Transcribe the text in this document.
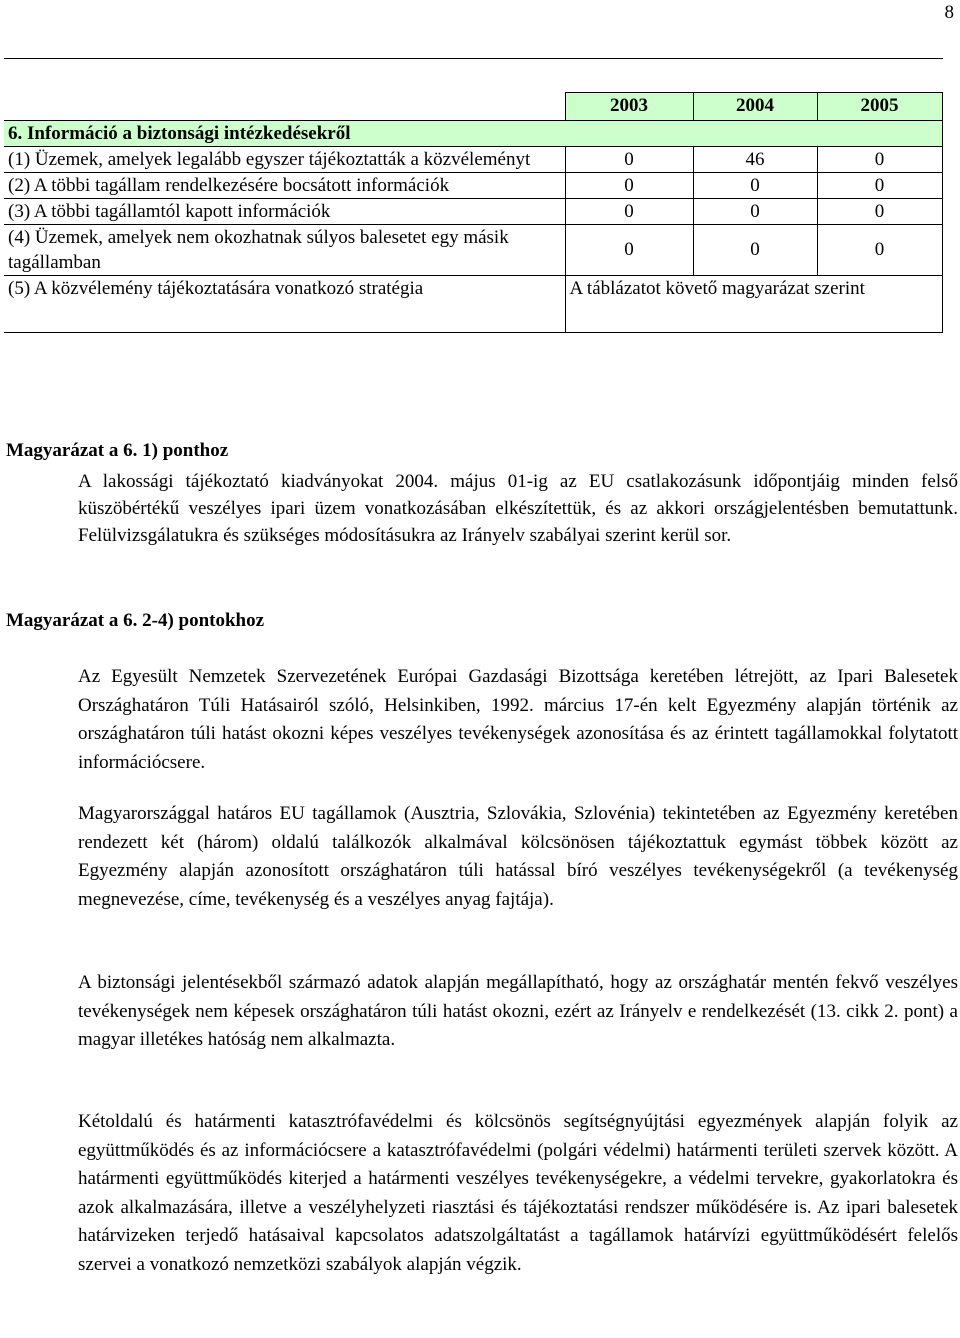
8
	2003	2004	2005
6. Információ a biztonsági intézkedésekről			
(1) Üzemek, amelyek legalább egyszer tájékoztatták a közvéleményt	0	46	0
(2) A többi tagállam rendelkezésére bocsátott információk	0	0	0
(3) A többi tagállamtól kapott információk	0	0	0
(4) Üzemek, amelyek nem okozhatnak súlyos balesetet egy másik tagállamban	0	0	0
(5) A közvélemény tájékoztatására vonatkozó stratégia	A táblázatot követő magyarázat szerint		
Magyarázat a 6. 1) ponthoz
A lakossági tájékoztató kiadványokat 2004. május 01-ig az EU csatlakozásunk időpontjáig minden felső küszöbértékű veszélyes ipari üzem vonatkozásában elkészítettük, és az akkori országjelentésben bemutattunk. Felülvizsgálatukra és szükséges módosításukra az Irányelv szabályai szerint kerül sor.
Magyarázat a 6. 2-4) pontokhoz
Az Egyesült Nemzetek Szervezetének Európai Gazdasági Bizottsága keretében létrejött, az Ipari Balesetek Országhatáron Túli Hatásairól szóló, Helsinkiben, 1992. március 17-én kelt Egyezmény alapján történik az országhatáron túli hatást okozni képes veszélyes tevékenységek azonosítása és az érintett tagállamokkal folytatott információcsere.
Magyarországgal határos EU tagállamok (Ausztria, Szlovákia, Szlovénia) tekintetében az Egyezmény keretében rendezett két (három) oldalú találkozók alkalmával kölcsönösen tájékoztattuk egymást többek között az Egyezmény alapján azonosított országhatáron túli hatással bíró veszélyes tevékenységekről (a tevékenység megnevezése, címe, tevékenység és a veszélyes anyag fajtája).
A biztonsági jelentésekből származó adatok alapján megállapítható, hogy az országhatár mentén fekvő veszélyes tevékenységek nem képesek országhatáron túli hatást okozni, ezért az Irányelv e rendelkezését (13. cikk 2. pont) a magyar illetékes hatóság nem alkalmazta.
Kétoldalú és határmenti katasztrófavédelmi és kölcsönös segítségnyújtási egyezmények alapján folyik az együttműködés és az információcsere a katasztrófavédelmi (polgári védelmi) határmenti területi szervek között. A határmenti együttműködés kiterjed a határmenti veszélyes tevékenységekre, a védelmi tervekre, gyakorlatokra és azok alkalmazására, illetve a veszélyhelyzeti riasztási és tájékoztatási rendszer működésére is. Az ipari balesetek határvizeken terjedő hatásaival kapcsolatos adatszolgáltatást a tagállamok határvízi együttműködésért felelős szervei a vonatkozó nemzetközi szabályok alapján végzik.
